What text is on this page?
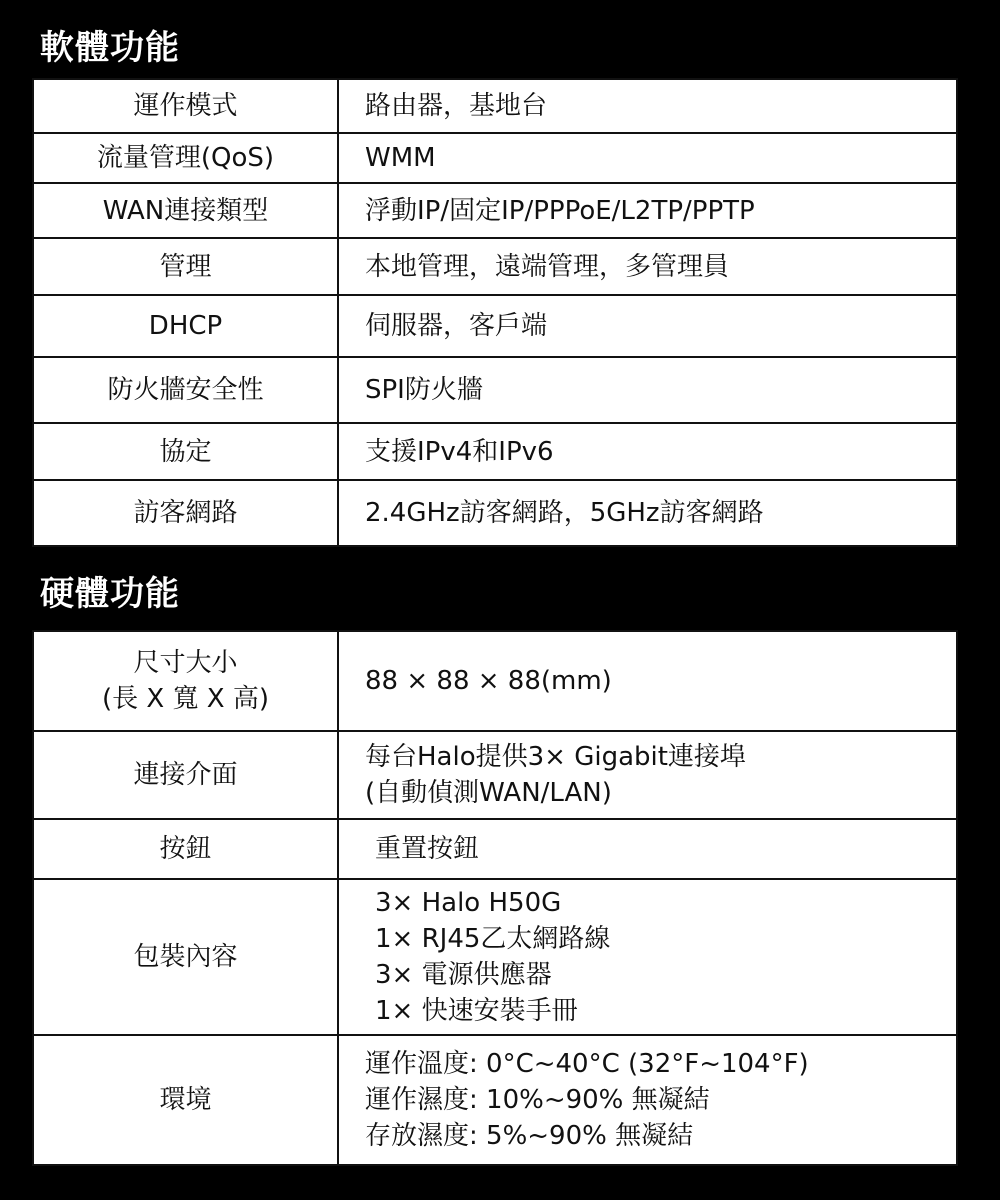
軟體功能
運作模式	路由器，基地台

流量管理(QoS)	WMM

WAN連接類型	浮動IP/固定IP/PPPoE/L2TP/PPTP

管理	本地管理，遠端管理，多管理員

DHCP	伺服器，客戶端

防火牆安全性	SPI防火牆

協定	支援IPv4和IPv6

訪客網路	2.4GHz訪客網路，5GHz訪客網路
硬體功能
尺寸大小
(長 X 寬 X 高)	88 × 88 × 88(mm)

連接介面	每台Halo提供3× Gigabit連接埠
(自動偵測WAN/LAN)

按鈕	重置按鈕

包裝內容	3× Halo H50G
1× RJ45乙太網路線
3× 電源供應器
1× 快速安裝手冊

環境	運作溫度: 0°C~40°C (32°F~104°F)
運作濕度: 10%~90% 無凝結
存放濕度: 5%~90% 無凝結
